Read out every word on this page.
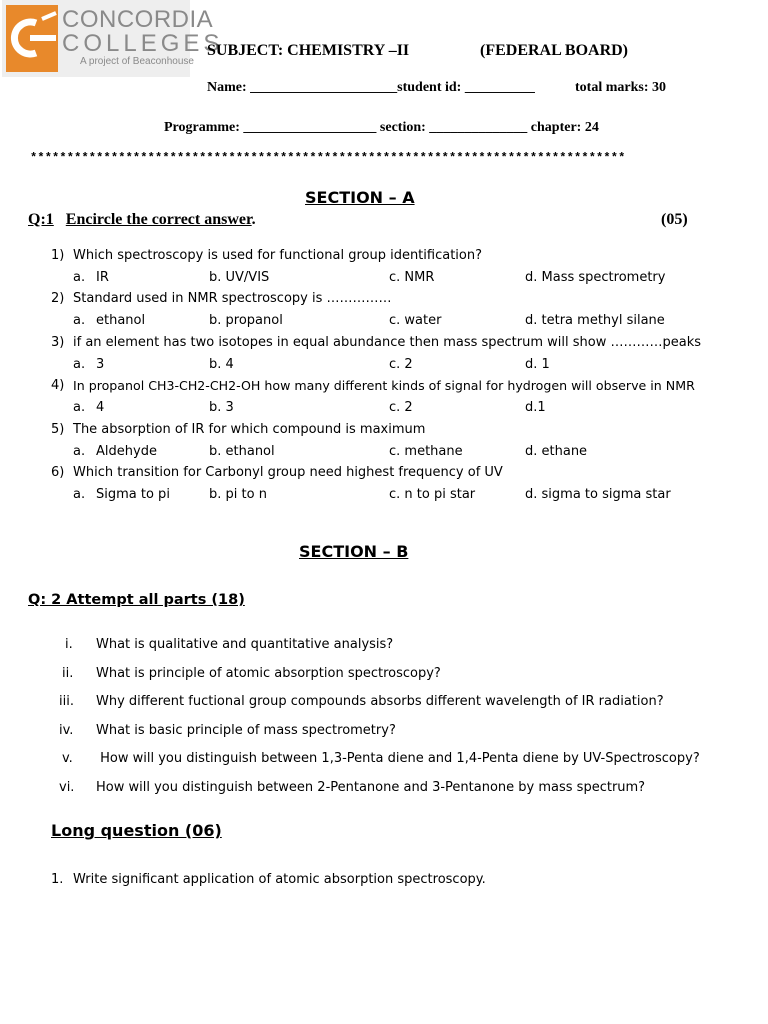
CONCORDIA
COLLEGES
A project of Beaconhouse
SUBJECT: CHEMISTRY –II	(FEDERAL BOARD)
Name: _____________________student id: __________	total marks: 30
Programme: ___________________ section: ______________ chapter: 24
*********************************************************************************
SECTION – A
Q:1 Encircle the correct answer.	(05)
1) Which spectroscopy is used for functional group identification?
a. IR	b. UV/VIS	c. NMR	d. Mass spectrometry
2) Standard used in NMR spectroscopy is ……………
a. ethanol	b. propanol	c. water	d. tetra methyl silane
3) if an element has two isotopes in equal abundance then mass spectrum will show …………peaks
a. 3	b. 4	c. 2	d. 1
4) In propanol CH3-CH2-CH2-OH how many different kinds of signal for hydrogen will observe in NMR
a. 4	b. 3	c. 2	d.1
5) The absorption of IR for which compound is maximum
a. Aldehyde	b. ethanol	c. methane	d. ethane
6) Which transition for Carbonyl group need highest frequency of UV
a. Sigma to pi	b. pi to n	c. n to pi star	d. sigma to sigma star
SECTION – B
Q: 2 Attempt all parts (18)
i. What is qualitative and quantitative analysis?
ii. What is principle of atomic absorption spectroscopy?
iii. Why different fuctional group compounds absorbs different wavelength of IR radiation?
iv. What is basic principle of mass spectrometry?
v. How will you distinguish between 1,3-Penta diene and 1,4-Penta diene by UV-Spectroscopy?
vi. How will you distinguish between 2-Pentanone and 3-Pentanone by mass spectrum?
Long question (06)
1. Write significant application of atomic absorption spectroscopy.
